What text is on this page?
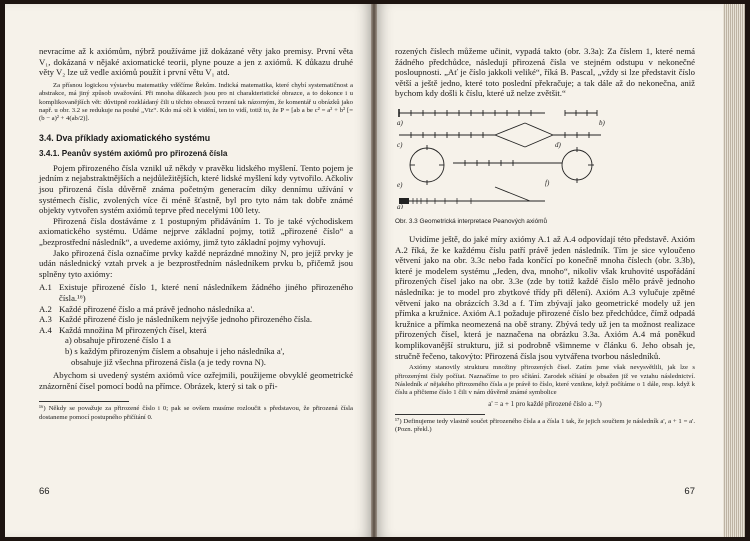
nevracíme až k axiómům, nýbrž používáme již dokázané věty jako premisy. První věta V₁, dokázaná v nějaké axiomatické teorii, plyne pouze a jen z axiómů. K důkazu druhé věty V₂ lze už vedle axiómů použít i první větu V₁ atd.

Za přísnou logickou výstavbu matematiky vděčíme Řekům. Indická matematika, které chybí systematičnost a abstrakce, má jiný způsob uvažování. Při mnoha důkazech jsou pro ni charakteristické obrazce, a to dokonce i u komplikovanějších vět: důvtipně rozkládaný čili u těchto obrazců tvrzení tak názorným, že komentář u obrázků jako např. u obr. 3.2 se redukuje na pouhé „Viz“. Kdo má oči k vidění, ten to vidí, totiž to, že P = [ab a be c² = a² + b² [= (b − a)² + 4(ab/2)].

3.4. Dva příklady axiomatického systému
3.4.1. Peanův systém axiómů pro přirozená čísla

Pojem přirozeného čísla vznikl už někdy v pravěku lidského myšlení. Tento pojem je jedním z nejabstraktnějších a nejdůležitějších, které lidské myšlení kdy vytvořilo. Ačkoliv jsou přirozená čísla důvěrně známa početným generacím díky dennímu užívání v systémech číslic, zvolených více či méně šťastně, byl pro tyto nám tak dobře známé objekty vytvořen systém axiómů teprve před necelými 100 lety.

Přirozená čísla dostáváme z 1 postupným přidáváním 1. To je také východiskem axiomatického systému. Udáme nejprve základní pojmy, totiž „přirozené číslo“ a „bezprostřední následník“, a uvedeme axiómy, jimž tyto základní pojmy vyhovují.

Jako přirozená čísla označíme prvky každé neprázdné množiny N, pro jejíž prvky je udán následnický vztah prvek a je bezprostředním následníkem prvku b, přičemž jsou splněny tyto axiómy:

A.1 Existuje přirozené číslo 1, které není následníkem žádného jiného přirozeného čísla.¹⁶)
A.2 Každé přirozené číslo a má právě jednoho následníka a'.
A.3 Každé přirozené číslo je následníkem nejvýše jednoho přirozeného čísla.
A.4 Každá množina M přirozených čísel, která
a) obsahuje přirozené číslo 1 a
b) s každým přirozeným číslem a obsahuje i jeho následníka a',
obsahuje již všechna přirozená čísla (a je tedy rovna N).

Abychom si uvedený systém axiómů více ozřejmili, použijeme obvyklé geometrické znázornění čísel pomocí bodů na přímce. Obrázek, který si tak o při-

¹⁶) Někdy se považuje za přirozené číslo i 0; pak se ovšem musíme rozloučit s představou, že přirozená čísla dostaneme pomocí postupného přičítání 0.

66

rozených číslech můžeme učinit, vypadá takto (obr. 3.3a): Za číslem 1, které nemá žádného předchůdce, následují přirozená čísla ve stejném odstupu v nekonečné posloupnosti. „Ať je číslo jakkoli veliké“, říká B. Pascal, „vždy si lze představit číslo větší a ještě jedno, které toto poslední překračuje; a tak dále až do nekonečna, aniž bychom kdy došli k číslu, které už nelze zvětšit.“

a)	b)
c)	d)
e)	f)
g)
Obr. 3.3 Geometrická interpretace Peanových axiómů

Uvidíme ještě, do jaké míry axiómy A.1 až A.4 odpovídají této představě. Axióm A.2 říká, že ke každému číslu patří právě jeden následník. Tím je sice vyloučeno větvení jako na obr. 3.3c nebo řada končící po konečně mnoha číslech (obr. 3.3b), které je modelem systému „Jeden, dva, mnoho“, nikoliv však kruhovité uspořádání přirozených čísel jako na obr. 3.3e (zde by totiž každé číslo mělo právě jednoho následníka: je to model pro zbytkové třídy při dělení). Axióm A.3 vylučuje zpětné větvení jako na obrázcích 3.3d a f. Tím zbývají jako geometrické modely už jen přímka a kružnice. Axióm A.1 požaduje přirozené číslo bez předchůdce, čímž odpadá kružnice a přímka neomezená na obě strany. Zbývá tedy už jen ta možnost realizace přirozených čísel, která je naznačena na obrázku 3.3a. Axióm A.4 má poněkud komplikovanější strukturu, již si podrobně všimneme v článku 6. Jeho obsah je, stručně řečeno, takovýto: Přirozená čísla jsou vytvářena tvorbou následníků.

Axiómy stanovily strukturu množiny přirozených čísel. Zatím jsme však nevysvětlili, jak lze s přirozenými čísly počítat. Naznačíme to pro sčítání. Zarodek sčítání je obsažen již ve vztahu následnictví. Následník a' nějakého přirozeného čísla a je právě to číslo, které vznikne, když počítáme o 1 dále, resp. když k číslu a přičteme číslo 1 čili v nám důvěrně známé symbolice

a' = a + 1 pro každé přirozené číslo a. ¹⁷)

¹⁷) Definujeme tedy vlastně součet přirozeného čísla a a čísla 1 tak, že jejich součtem je následník a', a + 1 = a'. (Pozn. překl.)

67
